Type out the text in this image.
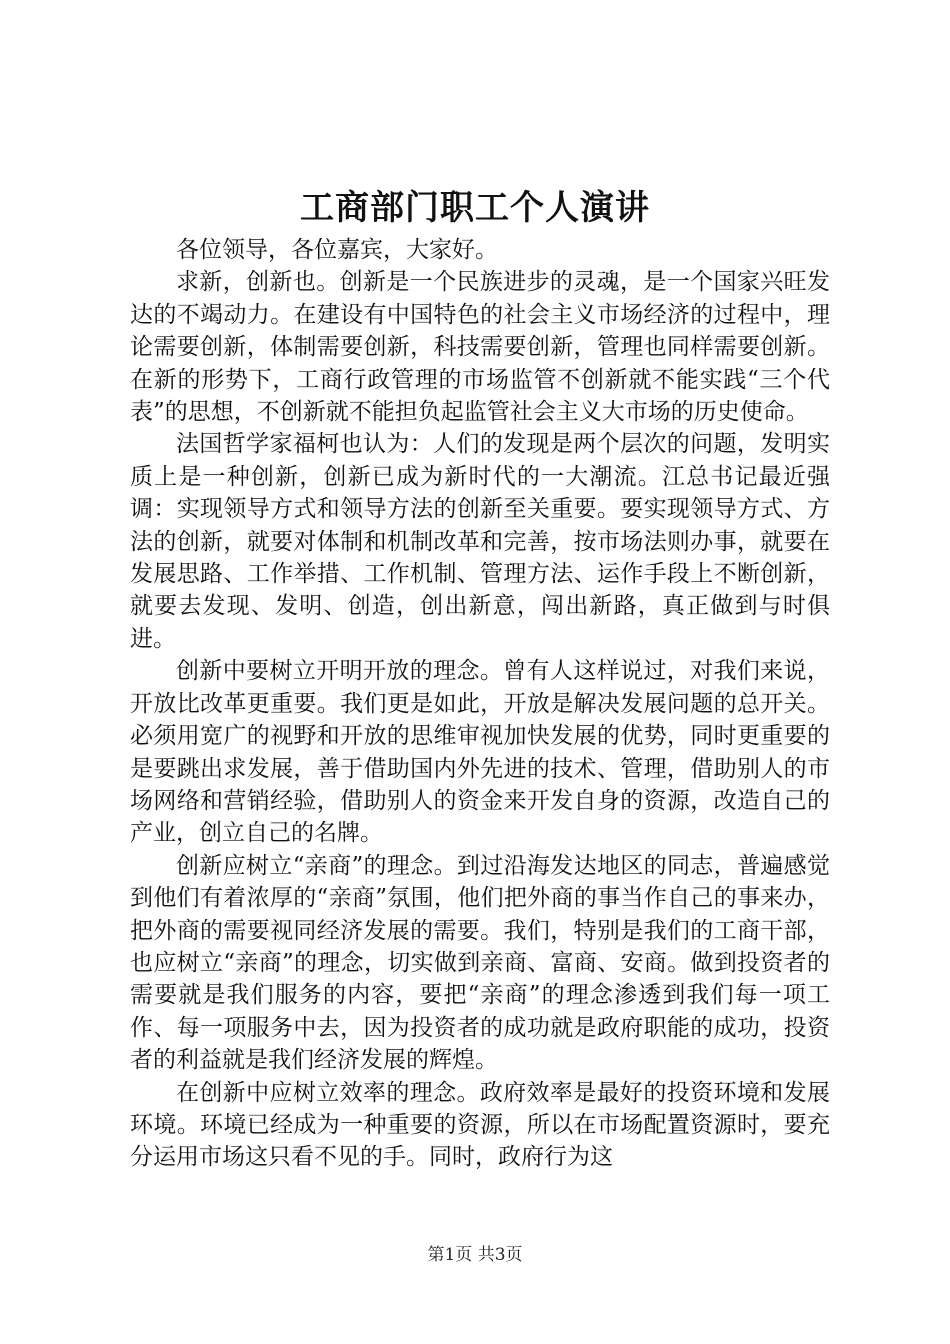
工商部门职工个人演讲

各位领导，各位嘉宾，大家好。

求新，创新也。创新是一个民族进步的灵魂，是一个国家兴旺发达的不竭动力。在建设有中国特色的社会主义市场经济的过程中，理论需要创新，体制需要创新，科技需要创新，管理也同样需要创新。在新的形势下，工商行政管理的市场监管不创新就不能实践“三个代表”的思想，不创新就不能担负起监管社会主义大市场的历史使命。

法国哲学家福柯也认为：人们的发现是两个层次的问题，发明实质上是一种创新，创新已成为新时代的一大潮流。江总书记最近强调：实现领导方式和领导方法的创新至关重要。要实现领导方式、方法的创新，就要对体制和机制改革和完善，按市场法则办事，就要在发展思路、工作举措、工作机制、管理方法、运作手段上不断创新，就要去发现、发明、创造，创出新意，闯出新路，真正做到与时俱进。

创新中要树立开明开放的理念。曾有人这样说过，对我们来说，开放比改革更重要。我们更是如此，开放是解决发展问题的总开关。必须用宽广的视野和开放的思维审视加快发展的优势，同时更重要的是要跳出求发展，善于借助国内外先进的技术、管理，借助别人的市场网络和营销经验，借助别人的资金来开发自身的资源，改造自己的产业，创立自己的名牌。

创新应树立“亲商”的理念。到过沿海发达地区的同志，普遍感觉到他们有着浓厚的“亲商”氛围，他们把外商的事当作自己的事来办，把外商的需要视同经济发展的需要。我们，特别是我们的工商干部，也应树立“亲商”的理念，切实做到亲商、富商、安商。做到投资者的需要就是我们服务的内容，要把“亲商”的理念渗透到我们每一项工作、每一项服务中去，因为投资者的成功就是政府职能的成功，投资者的利益就是我们经济发展的辉煌。

在创新中应树立效率的理念。政府效率是最好的投资环境和发展环境。环境已经成为一种重要的资源，所以在市场配置资源时，要充分运用市场这只看不见的手。同时，政府行为这

第1页 共3页
